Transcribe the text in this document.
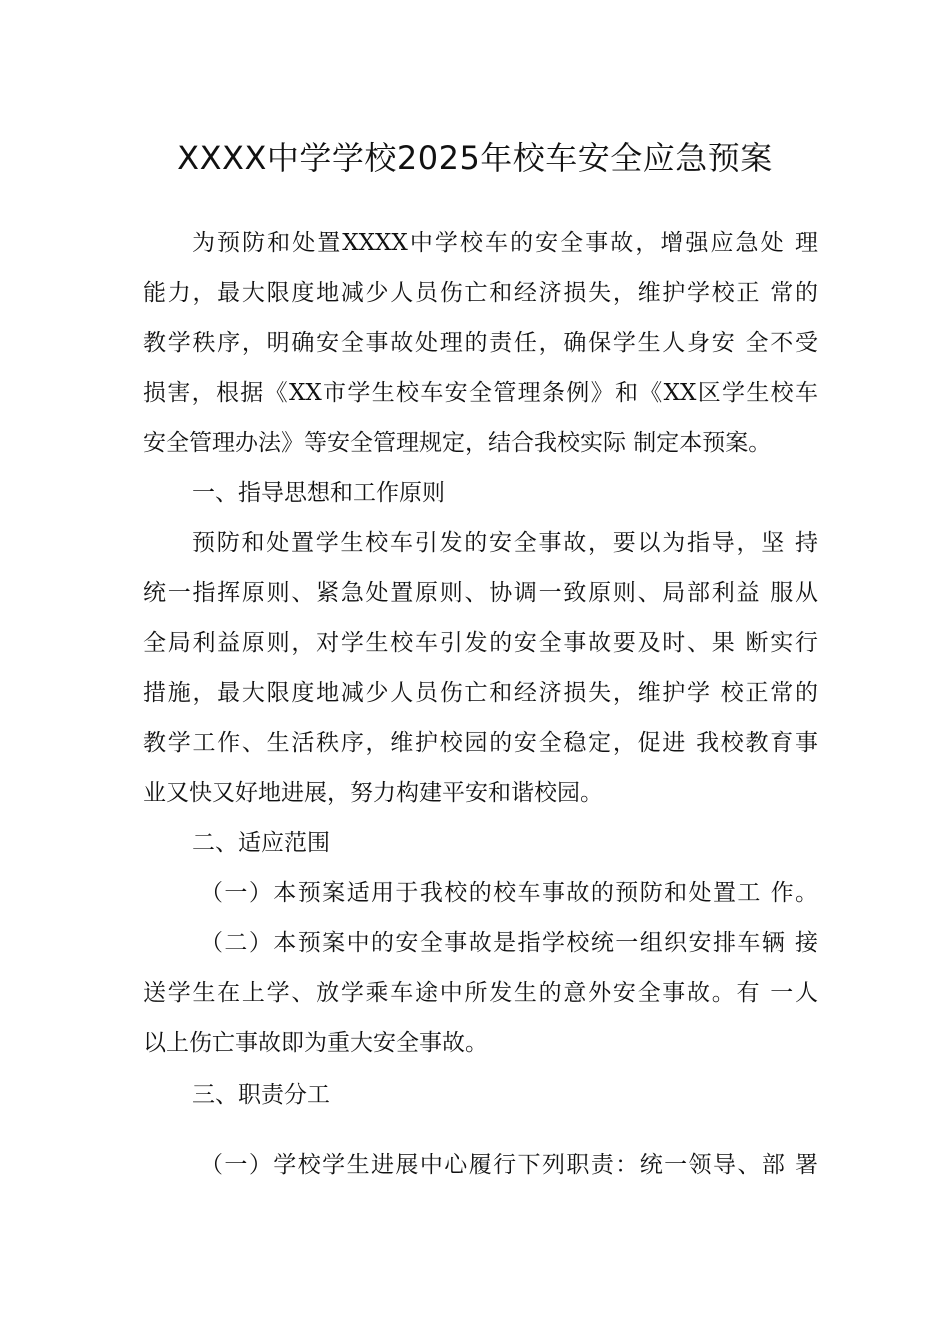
XXXX中学学校2025年校车安全应急预案
为预防和处置XXXX中学校车的安全事故，增强应急处 理
能力，最大限度地减少人员伤亡和经济损失，维护学校正 常的
教学秩序，明确安全事故处理的责任，确保学生人身安 全不受
损害，根据《XX市学生校车安全管理条例》和《XX区学生校车
安全管理办法》等安全管理规定，结合我校实际 制定本预案。
一、指导思想和工作原则
预防和处置学生校车引发的安全事故，要以为指导，坚 持
统一指挥原则、紧急处置原则、协调一致原则、局部利益 服从
全局利益原则，对学生校车引发的安全事故要及时、果 断实行
措施，最大限度地减少人员伤亡和经济损失，维护学 校正常的
教学工作、生活秩序，维护校园的安全稳定，促进 我校教育事
业又快又好地进展，努力构建平安和谐校园。
二、适应范围
（一）本预案适用于我校的校车事故的预防和处置工 作。
（二）本预案中的安全事故是指学校统一组织安排车辆 接
送学生在上学、放学乘车途中所发生的意外安全事故。有 一人
以上伤亡事故即为重大安全事故。
三、职责分工
（一）学校学生进展中心履行下列职责：统一领导、部 署
